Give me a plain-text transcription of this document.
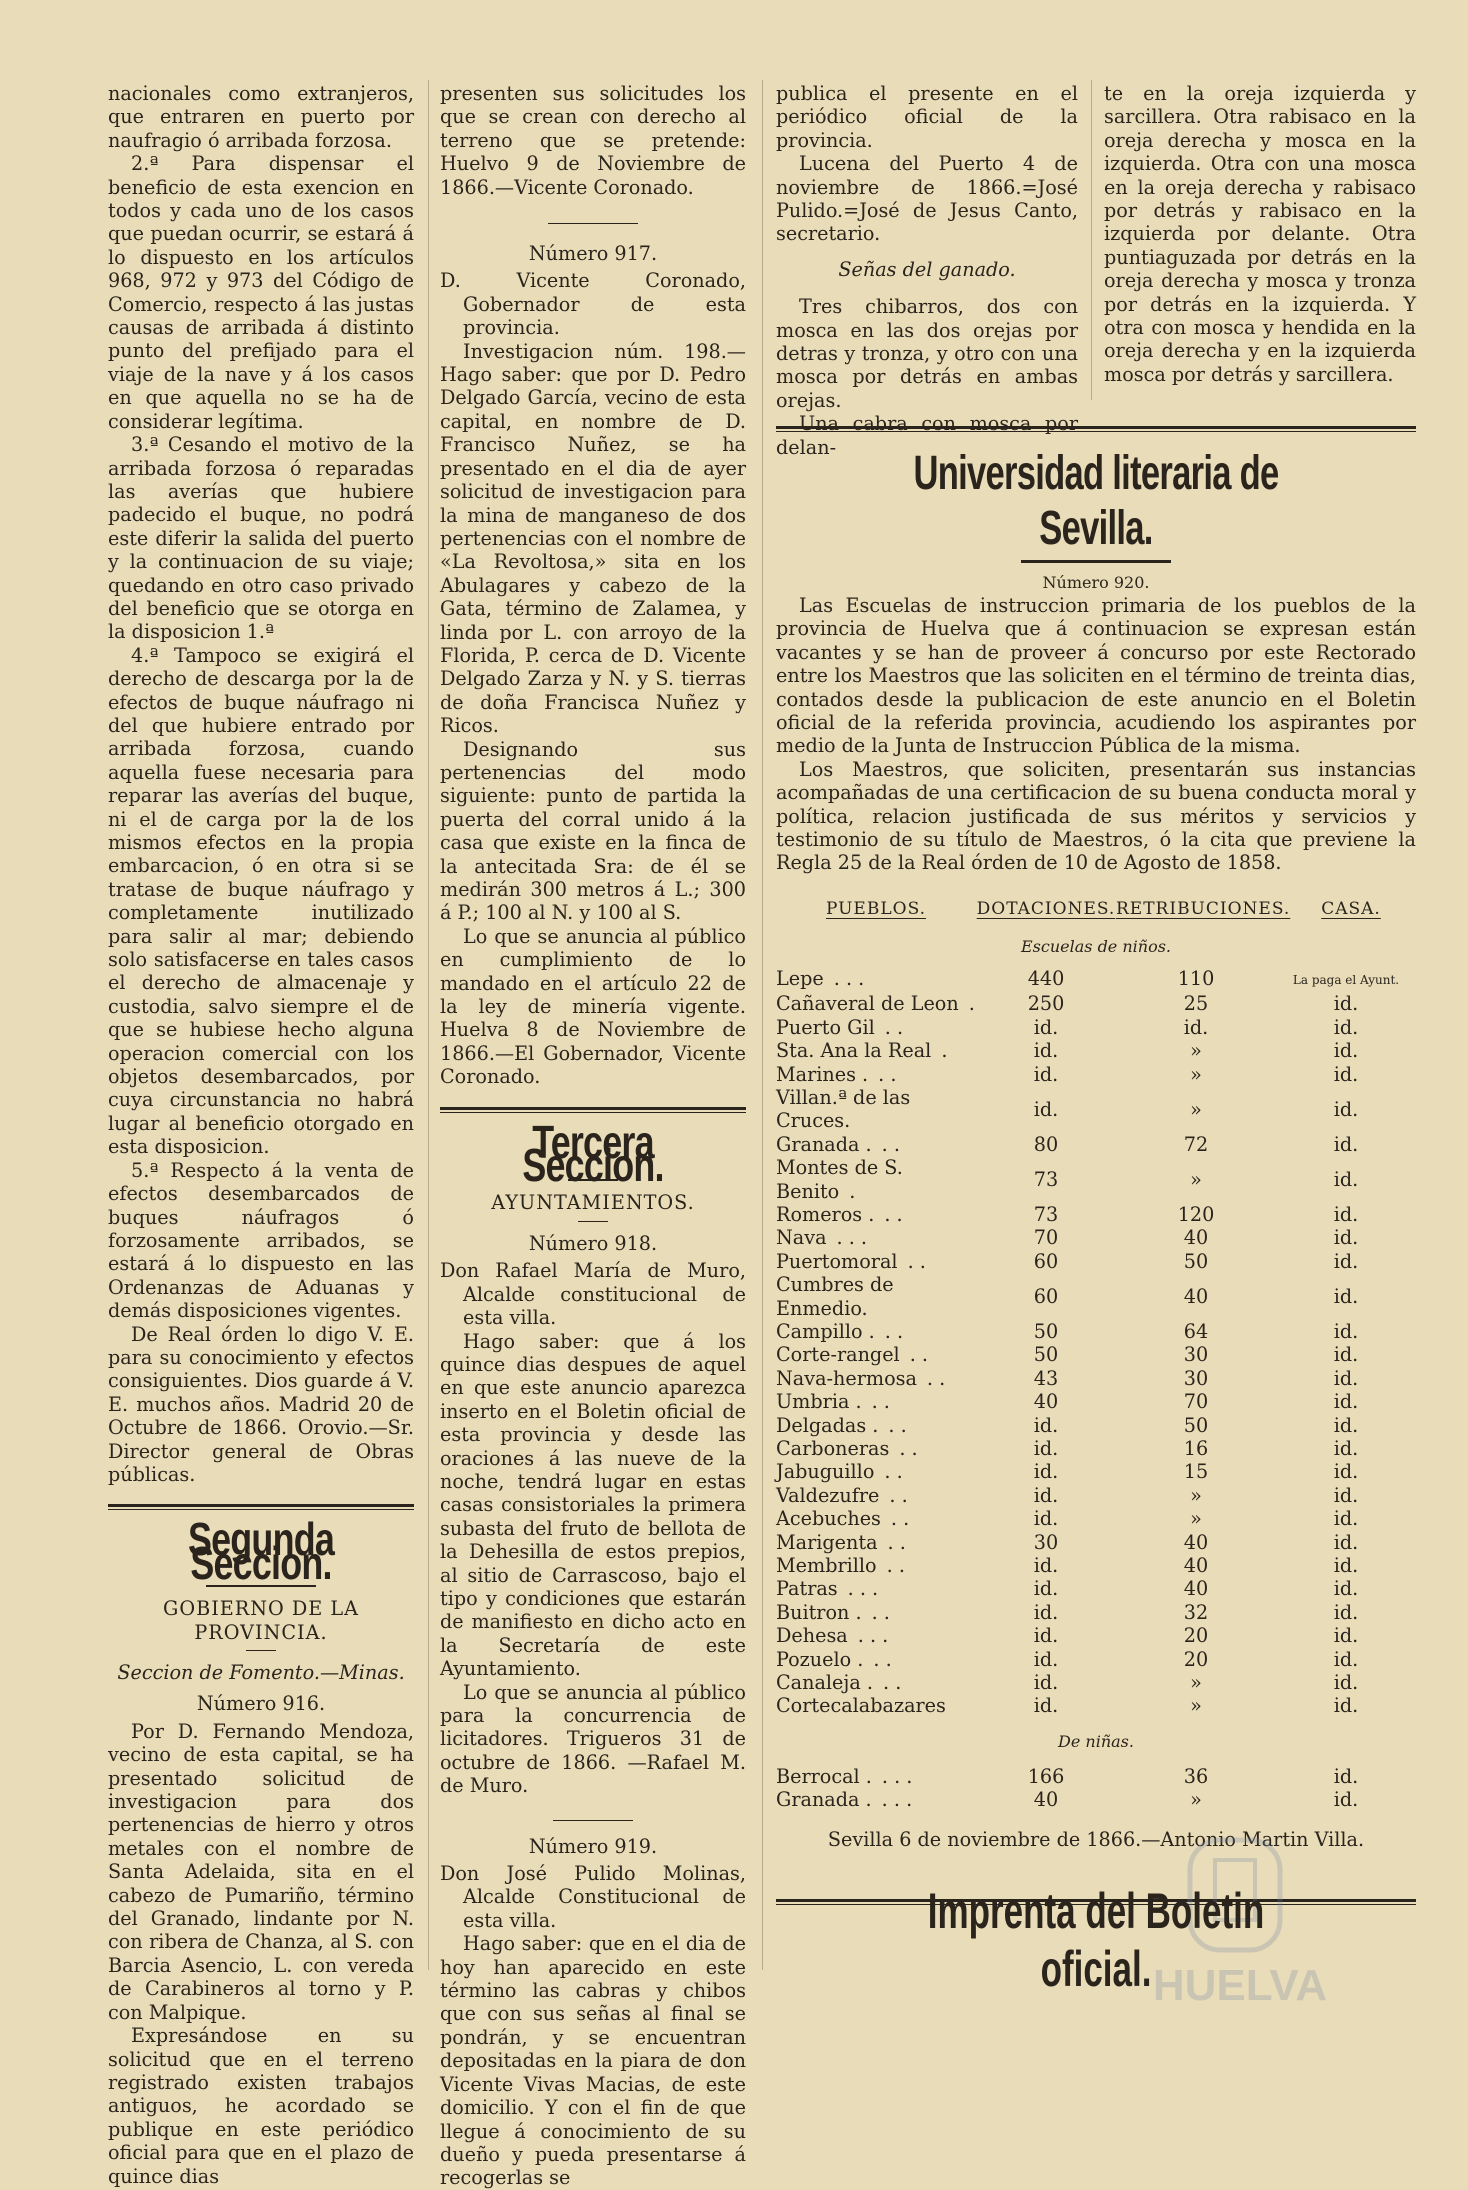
nacionales como extranjeros, que entraren en puerto por naufragio ó arribada forzosa.

2.ª Para dispensar el beneficio de esta exencion en todos y cada uno de los casos que puedan ocurrir, se estará á lo dispuesto en los artículos 968, 972 y 973 del Código de Comercio, respecto á las justas causas de arribada á distinto punto del prefijado para el viaje de la nave y á los casos en que aquella no se ha de considerar legítima.

3.ª Cesando el motivo de la arribada forzosa ó reparadas las averías que hubiere padecido el buque, no podrá este diferir la salida del puerto y la continuacion de su viaje; quedando en otro caso privado del beneficio que se otorga en la disposicion 1.ª

4.ª Tampoco se exigirá el derecho de descarga por la de efectos de buque náufrago ni del que hubiere entrado por arribada forzosa, cuando aquella fuese necesaria para reparar las averías del buque, ni el de carga por la de los mismos efectos en la propia embarcacion, ó en otra si se tratase de buque náufrago y completamente inutilizado para salir al mar; debiendo solo satisfacerse en tales casos el derecho de almacenaje y custodia, salvo siempre el de que se hubiese hecho alguna operacion comercial con los objetos desembarcados, por cuya circunstancia no habrá lugar al beneficio otorgado en esta disposicion.

5.ª Respecto á la venta de efectos desembarcados de buques náufragos ó forzosamente arribados, se estará á lo dispuesto en las Ordenanzas de Aduanas y demás disposiciones vigentes.

De Real órden lo digo V. E. para su conocimiento y efectos consiguientes. Dios guarde á V. E. muchos años. Madrid 20 de Octubre de 1866. Orovio.—Sr. Director general de Obras públicas.

Segunda Seccion.
GOBIERNO DE LA PROVINCIA.
Seccion de Fomento.—Minas.
Número 916.

Por D. Fernando Mendoza, vecino de esta capital, se ha presentado solicitud de investigacion para dos pertenencias de hierro y otros metales con el nombre de Santa Adelaida, sita en el cabezo de Pumariño, término del Granado, lindante por N. con ribera de Chanza, al S. con Barcia Asencio, L. con vereda de Carabineros al torno y P. con Malpique.

Expresándose en su solicitud que en el terreno registrado existen trabajos antiguos, he acordado se publique en este periódico oficial para que en el plazo de quince dias

presenten sus solicitudes los que se crean con derecho al terreno que se pretende: Huelvo 9 de Noviembre de 1866.—Vicente Coronado.

Número 917.

D. Vicente Coronado, Gobernador de esta provincia.

Investigacion núm. 198.—Hago saber: que por D. Pedro Delgado García, vecino de esta capital, en nombre de D. Francisco Nuñez, se ha presentado en el dia de ayer solicitud de investigacion para la mina de manganeso de dos pertenencias con el nombre de «La Revoltosa,» sita en los Abulagares y cabezo de la Gata, término de Zalamea, y linda por L. con arroyo de la Florida, P. cerca de D. Vicente Delgado Zarza y N. y S. tierras de doña Francisca Nuñez y Ricos.

Designando sus pertenencias del modo siguiente: punto de partida la puerta del corral unido á la casa que existe en la finca de la antecitada Sra: de él se medirán 300 metros á L.; 300 á P.; 100 al N. y 100 al S.

Lo que se anuncia al público en cumplimiento de lo mandado en el artículo 22 de la ley de minería vigente. Huelva 8 de Noviembre de 1866.—El Gobernador, Vicente Coronado.

Tercera Seccion.
AYUNTAMIENTOS.
Número 918.

Don Rafael María de Muro, Alcalde constitucional de esta villa.

Hago saber: que á los quince dias despues de aquel en que este anuncio aparezca inserto en el Boletin oficial de esta provincia y desde las oraciones á las nueve de la noche, tendrá lugar en estas casas consistoriales la primera subasta del fruto de bellota de la Dehesilla de estos prepios, al sitio de Carrascoso, bajo el tipo y condiciones que estarán de manifiesto en dicho acto en la Secretaría de este Ayuntamiento.

Lo que se anuncia al público para la concurrencia de licitadores. Trigueros 31 de octubre de 1866. —Rafael M. de Muro.

Número 919.

Don José Pulido Molinas, Alcalde Constitucional de esta villa.

Hago saber: que en el dia de hoy han aparecido en este término las cabras y chibos que con sus señas al final se pondrán, y se encuentran depositadas en la piara de don Vicente Vivas Macias, de este domicilio. Y con el fin de que llegue á conocimiento de su dueño y pueda presentarse á recogerlas se

publica el presente en el periódico oficial de la provincia.

Lucena del Puerto 4 de noviembre de 1866.=José Pulido.=José de Jesus Canto, secretario.

Señas del ganado.

Tres chibarros, dos con mosca en las dos orejas por detras y tronza, y otro con una mosca por detrás en ambas orejas.

Una cabra con mosca por delan-

te en la oreja izquierda y sarcillera. Otra rabisaco en la oreja derecha y mosca en la izquierda. Otra con una mosca en la oreja derecha y rabisaco por detrás y rabisaco en la izquierda por delante. Otra puntiaguzada por detrás en la oreja derecha y mosca y tronza por detrás en la izquierda. Y otra con mosca y hendida en la oreja derecha y en la izquierda mosca por detrás y sarcillera.

Universidad literaria de Sevilla.
Número 920.

Las Escuelas de instruccion primaria de los pueblos de la provincia de Huelva que á continuacion se expresan están vacantes y se han de proveer á concurso por este Rectorado entre los Maestros que las soliciten en el término de treinta dias, contados desde la publicacion de este anuncio en el Boletin oficial de la referida provincia, acudiendo los aspirantes por medio de la Junta de Instruccion Pública de la misma.

Los Maestros, que soliciten, presentarán sus instancias acompañadas de una certificacion de su buena conducta moral y política, relacion justificada de sus méritos y servicios y testimonio de su título de Maestros, ó la cita que previene la Regla 25 de la Real órden de 10 de Agosto de 1858.

PUEBLOS.	DOTACIONES. RETRIBUCIONES.	CASA.
Escuelas de niños.
Lepe . . .	440	110	La paga el Ayunt.
Cañaveral de Leon .	250	25	id.
Puerto Gil . .	id.	id.	id.
Sta. Ana la Real .	id.	»	id.
Marines . . .	id.	»	id.
Villan.ª de las Cruces.	id.	»	id.
Granada . . .	80	72	id.
Montes de S. Benito .	73	»	id.
Romeros . . .	73	120	id.
Nava . . .	70	40	id.
Puertomoral . .	60	50	id.
Cumbres de Enmedio.	60	40	id.
Campillo . . .	50	64	id.
Corte-rangel . .	50	30	id.
Nava-hermosa . .	43	30	id.
Umbria . . .	40	70	id.
Delgadas . . .	id.	50	id.
Carboneras . .	id.	16	id.
Jabuguillo . .	id.	15	id.
Valdezufre . .	id.	»	id.
Acebuches . .	id.	»	id.
Marigenta . .	30	40	id.
Membrillo . .	id.	40	id.
Patras . . .	id.	40	id.
Buitron . . .	id.	32	id.
Dehesa . . .	id.	20	id.
Pozuelo . . .	id.	20	id.
Canaleja . . .	id.	»	id.
Cortecalabazares	id.	»	id.
De niñas.
Berrocal . . . .	166	36	id.
Granada . . . .	40	»	id.
Sevilla 6 de noviembre de 1866.—Antonio Martin Villa.
HUELVA
Imprenta del Boletin oficial.
